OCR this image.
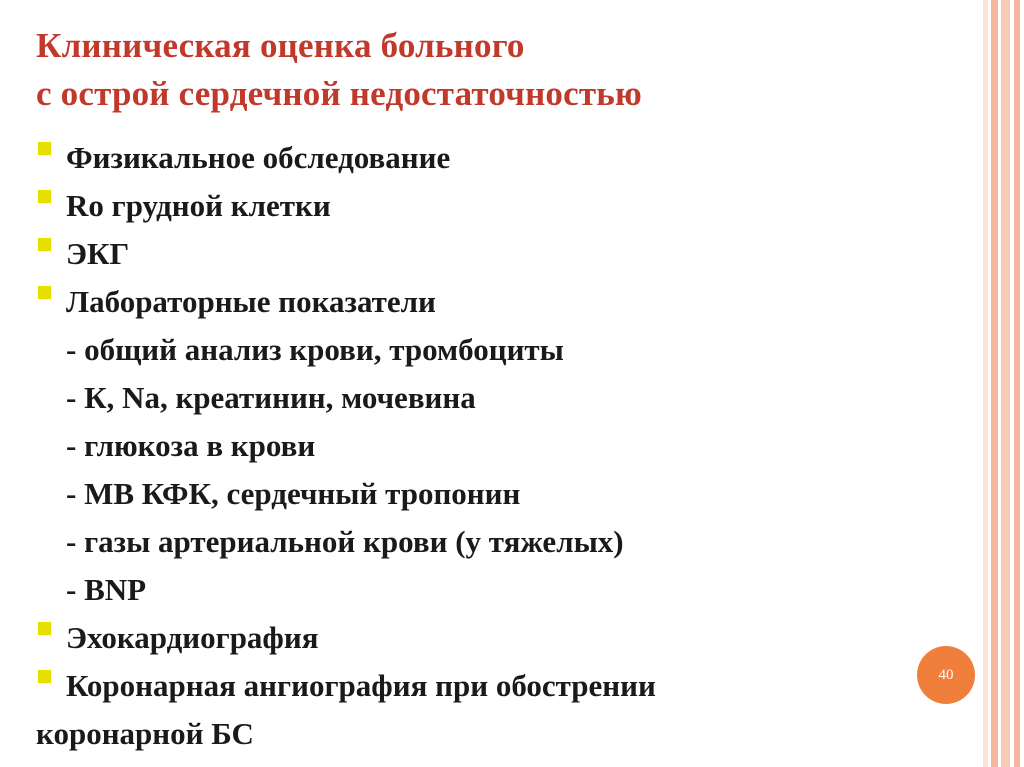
Клиническая оценка больного
с острой сердечной недостаточностью
Физикальное обследование
Ro грудной клетки
ЭКГ
Лабораторные показатели
- общий анализ крови, тромбоциты
- К, Na, креатинин, мочевина
- глюкоза в крови
- МВ КФК, сердечный тропонин
- газы артериальной крови (у тяжелых)
- BNP
Эхокардиография
Коронарная ангиография при обострении
коронарной БС
40
